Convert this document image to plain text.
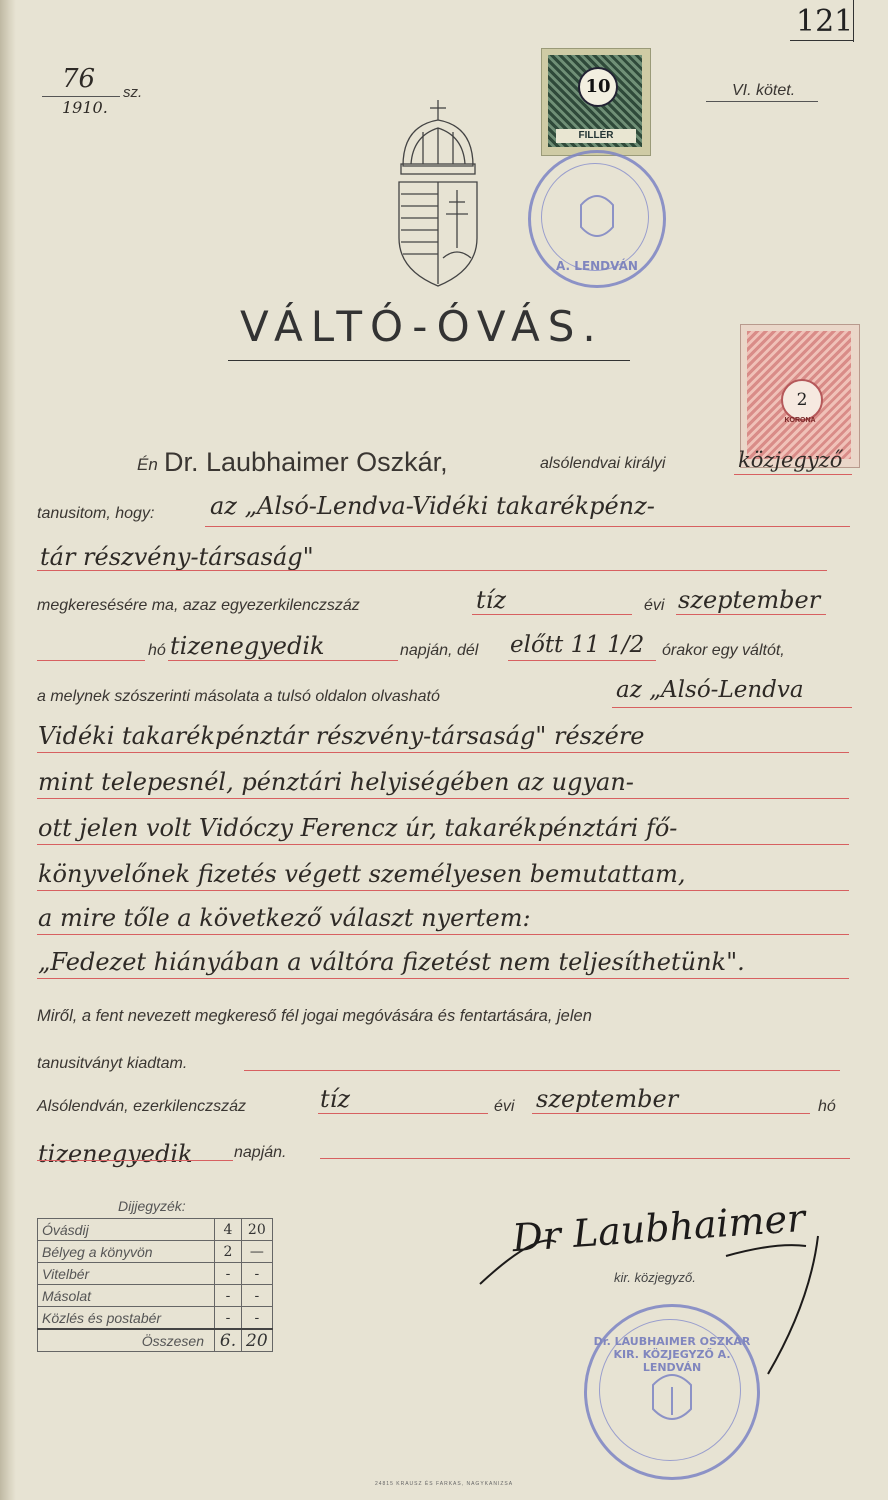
121
76 sz.
1910.
VI. kötet.
10
FILLÉR
A. LENDVÁN
2
KORONA
VÁLTÓ-ÓVÁS.
Én Dr. Laubhaimer Oszkár,	alsólendvai királyi	közjegyző
tanusitom, hogy: az „Alsó-Lendva-Vidéki takarékpénz-
tár részvény-társaság"
megkeresésére ma, azaz egyezerkilenczszáz	tíz	évi szeptember
hó tizenegyedik	napján, dél előtt 11 1/2 órakor egy váltót,
a melynek szószerinti másolata a tulsó oldalon olvasható	az „Alsó-Lendva
Vidéki takarékpénztár részvény-társaság" részére
mint telepesnél, pénztári helyiségében az ugyan-
ott jelen volt Vidóczy Ferencz úr, takarékpénztári fő-
könyvelőnek fizetés végett személyesen bemutattam,
a mire tőle a következő választ nyertem:
„Fedezet hiányában a váltóra fizetést nem teljesíthetünk".
Miről, a fent nevezett megkereső fél jogai megóvására és fentartására, jelen
tanusitványt kiadtam.
Alsólendván, ezerkilenczszáz	tíz	évi szeptember	hó
tizenegyedik	napján.
Dijjegyzék:
Óvásdij	4	20
Bélyeg a könyvön	2	—
Vitelbér	-	-
Másolat	-	-
Közlés és postabér	-	-
Összesen	6.	20
Dr Laubhaimer
kir. közjegyző.
Dr. LAUBHAIMER OSZKÁR KIR. KÖZJEGYZŐ A. LENDVÁN
24815 KRAUSZ ÉS FARKAS, NAGYKANIZSA
